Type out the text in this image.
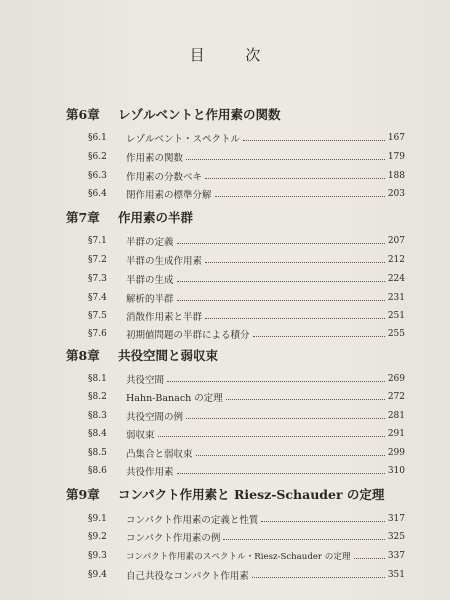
目 次
第6章 レゾルベントと作用素の関数
§6.1	レゾルベント・スペクトル	167
§6.2	作用素の関数	179
§6.3	作用素の分数ベキ	188
§6.4	閉作用素の標準分解	203
第7章 作用素の半群
§7.1	半群の定義	207
§7.2	半群の生成作用素	212
§7.3	半群の生成	224
§7.4	解析的半群	231
§7.5	消散作用素と半群	251
§7.6	初期値問題の半群による積分	255
第8章 共役空間と弱収束
§8.1	共役空間	269
§8.2	Hahn-Banach の定理	272
§8.3	共役空間の例	281
§8.4	弱収束	291
§8.5	凸集合と弱収束	299
§8.6	共役作用素	310
第9章 コンパクト作用素と Riesz-Schauder の定理
§9.1	コンパクト作用素の定義と性質	317
§9.2	コンパクト作用素の例	325
§9.3	コンパクト作用素のスペクトル・Riesz-Schauder の定理	337
§9.4	自己共役なコンパクト作用素	351
